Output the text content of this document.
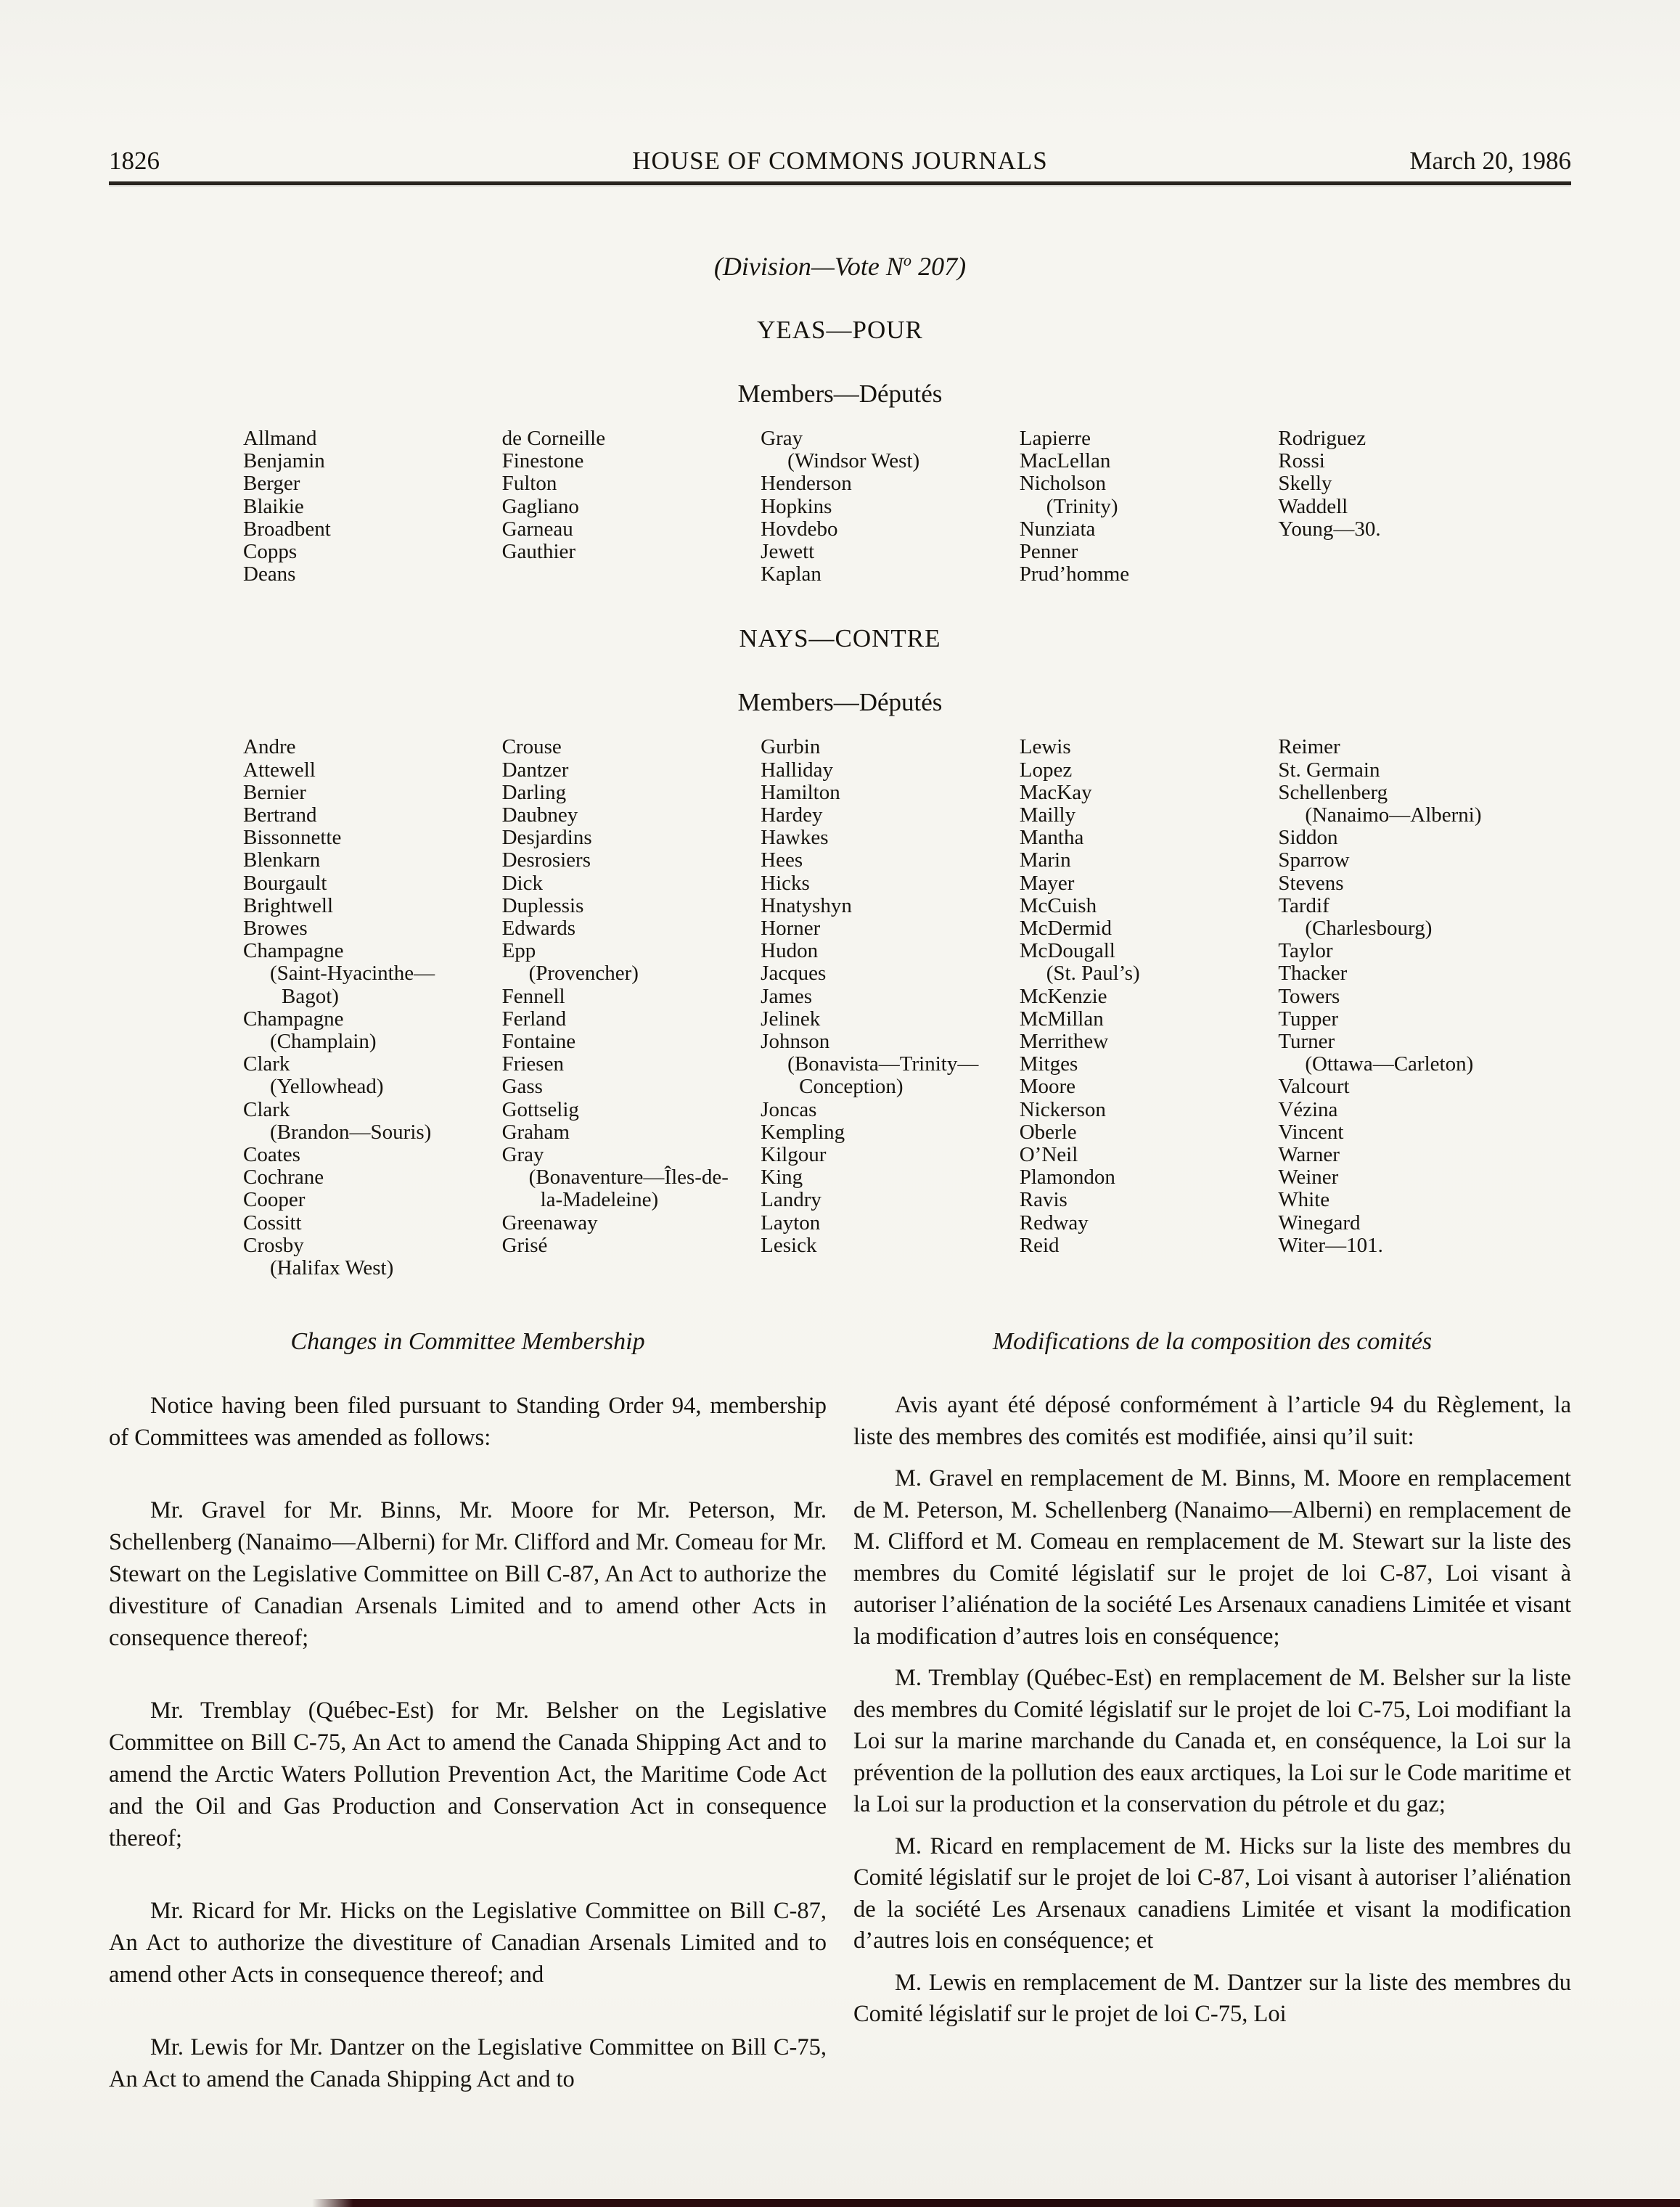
1826	HOUSE OF COMMONS JOURNALS	March 20, 1986
(Division—Vote $N^o$ 207)
YEAS—POUR
Members—Députés
Allmand
Benjamin
Berger
Blaikie
Broadbent
Copps
Deans
de Corneille
Finestone
Fulton
Gagliano
Garneau
Gauthier
Gray
(Windsor West)
Henderson
Hopkins
Hovdebo
Jewett
Kaplan
Lapierre
MacLellan
Nicholson
(Trinity)
Nunziata
Penner
Prud’homme
Rodriguez
Rossi
Skelly
Waddell
Young—30.
NAYS—CONTRE
Members—Députés
Andre
Attewell
Bernier
Bertrand
Bissonnette
Blenkarn
Bourgault
Brightwell
Browes
Champagne
(Saint-Hyacinthe—
Bagot)
Champagne
(Champlain)
Clark
(Yellowhead)
Clark
(Brandon—Souris)
Coates
Cochrane
Cooper
Cossitt
Crosby
(Halifax West)
Crouse
Dantzer
Darling
Daubney
Desjardins
Desrosiers
Dick
Duplessis
Edwards
Epp
(Provencher)
Fennell
Ferland
Fontaine
Friesen
Gass
Gottselig
Graham
Gray
(Bonaventure—Îles-de-
la-Madeleine)
Greenaway
Grisé
Gurbin
Halliday
Hamilton
Hardey
Hawkes
Hees
Hicks
Hnatyshyn
Horner
Hudon
Jacques
James
Jelinek
Johnson
(Bonavista—Trinity—
Conception)
Joncas
Kempling
Kilgour
King
Landry
Layton
Lesick
Lewis
Lopez
MacKay
Mailly
Mantha
Marin
Mayer
McCuish
McDermid
McDougall
(St. Paul’s)
McKenzie
McMillan
Merrithew
Mitges
Moore
Nickerson
Oberle
O’Neil
Plamondon
Ravis
Redway
Reid
Reimer
St. Germain
Schellenberg
(Nanaimo—Alberni)
Siddon
Sparrow
Stevens
Tardif
(Charlesbourg)
Taylor
Thacker
Towers
Tupper
Turner
(Ottawa—Carleton)
Valcourt
Vézina
Vincent
Warner
Weiner
White
Winegard
Witer—101.
Changes in Committee Membership

Notice having been filed pursuant to Standing Order 94, membership of Committees was amended as follows:

Mr. Gravel for Mr. Binns, Mr. Moore for Mr. Peterson, Mr. Schellenberg (Nanaimo—Alberni) for Mr. Clifford and Mr. Comeau for Mr. Stewart on the Legislative Committee on Bill C-87, An Act to authorize the divestiture of Canadian Arsenals Limited and to amend other Acts in consequence thereof;

Mr. Tremblay (Québec-Est) for Mr. Belsher on the Legislative Committee on Bill C-75, An Act to amend the Canada Shipping Act and to amend the Arctic Waters Pollution Prevention Act, the Maritime Code Act and the Oil and Gas Production and Conservation Act in consequence thereof;

Mr. Ricard for Mr. Hicks on the Legislative Committee on Bill C-87, An Act to authorize the divestiture of Canadian Arsenals Limited and to amend other Acts in consequence thereof; and

Mr. Lewis for Mr. Dantzer on the Legislative Committee on Bill C-75, An Act to amend the Canada Shipping Act and to

Modifications de la composition des comités

Avis ayant été déposé conformément à l’article 94 du Règlement, la liste des membres des comités est modifiée, ainsi qu’il suit:

M. Gravel en remplacement de M. Binns, M. Moore en remplacement de M. Peterson, M. Schellenberg (Nanaimo—Alberni) en remplacement de M. Clifford et M. Comeau en remplacement de M. Stewart sur la liste des membres du Comité législatif sur le projet de loi C-87, Loi visant à autoriser l’aliénation de la société Les Arsenaux canadiens Limitée et visant la modification d’autres lois en conséquence;

M. Tremblay (Québec-Est) en remplacement de M. Belsher sur la liste des membres du Comité législatif sur le projet de loi C-75, Loi modifiant la Loi sur la marine marchande du Canada et, en conséquence, la Loi sur la prévention de la pollution des eaux arctiques, la Loi sur le Code maritime et la Loi sur la production et la conservation du pétrole et du gaz;

M. Ricard en remplacement de M. Hicks sur la liste des membres du Comité législatif sur le projet de loi C-87, Loi visant à autoriser l’aliénation de la société Les Arsenaux canadiens Limitée et visant la modification d’autres lois en conséquence; et

M. Lewis en remplacement de M. Dantzer sur la liste des membres du Comité législatif sur le projet de loi C-75, Loi
